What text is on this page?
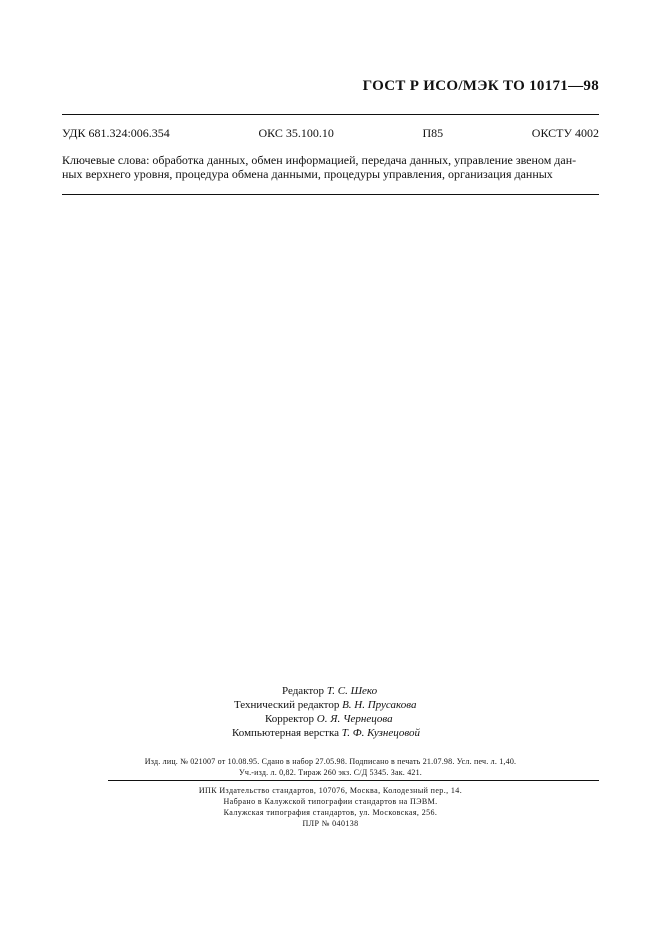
ГОСТ Р ИСО/МЭК ТО 10171—98
УДК 681.324:006.354	ОКС 35.100.10	П85	ОКСТУ 4002
Ключевые слова: обработка данных, обмен информацией, передача данных, управление звеном дан-
ных верхнего уровня, процедура обмена данными, процедуры управления, организация данных
Редактор Т. С. Шеко
Технический редактор В. Н. Прусакова
Корректор О. Я. Чернецова
Компьютерная верстка Т. Ф. Кузнецовой
Изд. лиц. № 021007 от 10.08.95. Сдано в набор 27.05.98. Подписано в печать 21.07.98. Усл. печ. л. 1,40.
Уч.-изд. л. 0,82. Тираж 260 экз. С/Д 5345. Зак. 421.
ИПК Издательство стандартов, 107076, Москва, Колодезный пер., 14.
Набрано в Калужской типографии стандартов на ПЭВМ.
Калужская типография стандартов, ул. Московская, 256.
ПЛР № 040138
